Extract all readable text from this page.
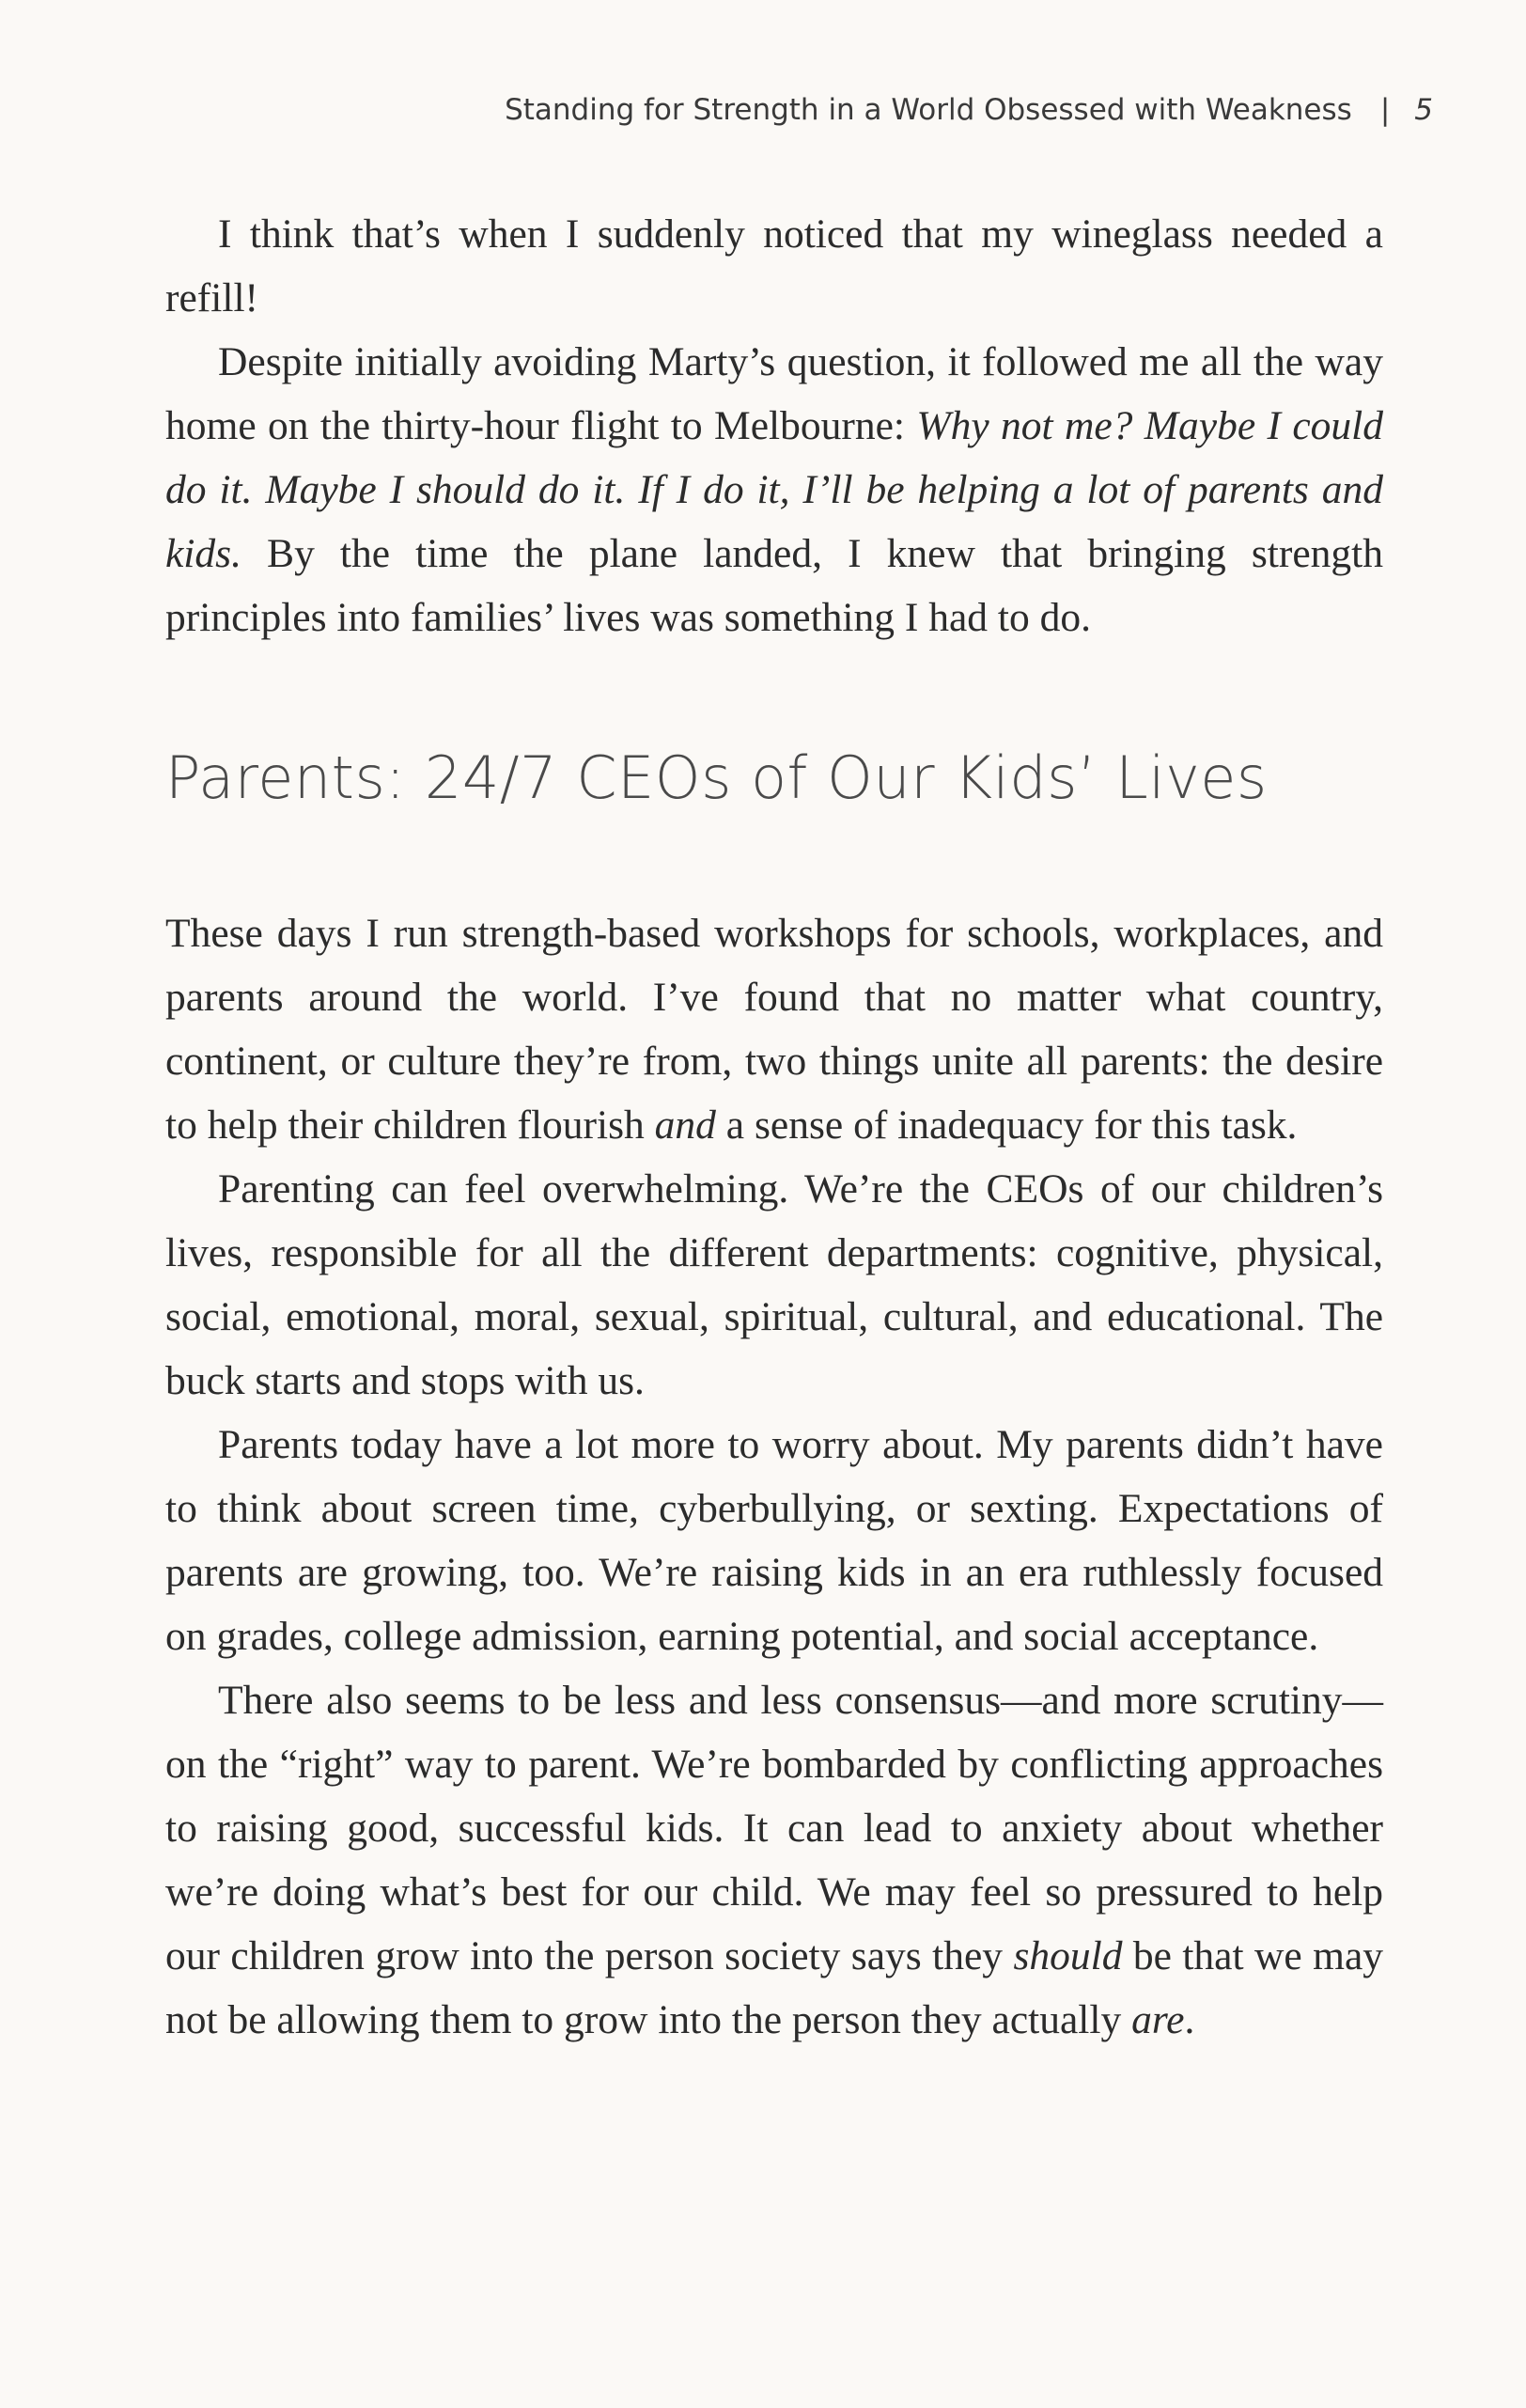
Standing for Strength in a World Obsessed with Weakness | 5

I think that’s when I suddenly noticed that my wineglass needed a refill!

Despite initially avoiding Marty’s question, it followed me all the way home on the thirty-hour flight to Melbourne: Why not me? Maybe I could do it. Maybe I should do it. If I do it, I’ll be helping a lot of parents and kids. By the time the plane landed, I knew that bringing strength principles into families’ lives was something I had to do.

Parents: 24/7 CEOs of Our Kids’ Lives

These days I run strength-based workshops for schools, workplaces, and parents around the world. I’ve found that no matter what country, continent, or culture they’re from, two things unite all parents: the desire to help their children flourish and a sense of inadequacy for this task.

Parenting can feel overwhelming. We’re the CEOs of our children’s lives, responsible for all the different departments: cognitive, physical, social, emotional, moral, sexual, spiritual, cultural, and educational. The buck starts and stops with us.

Parents today have a lot more to worry about. My parents didn’t have to think about screen time, cyberbullying, or sexting. Expectations of parents are growing, too. We’re raising kids in an era ruthlessly focused on grades, college admission, earning potential, and social acceptance.

There also seems to be less and less consensus—and more scrutiny—on the “right” way to parent. We’re bombarded by conflicting approaches to raising good, successful kids. It can lead to anxiety about whether we’re doing what’s best for our child. We may feel so pressured to help our children grow into the person society says they should be that we may not be allowing them to grow into the person they actually are.
